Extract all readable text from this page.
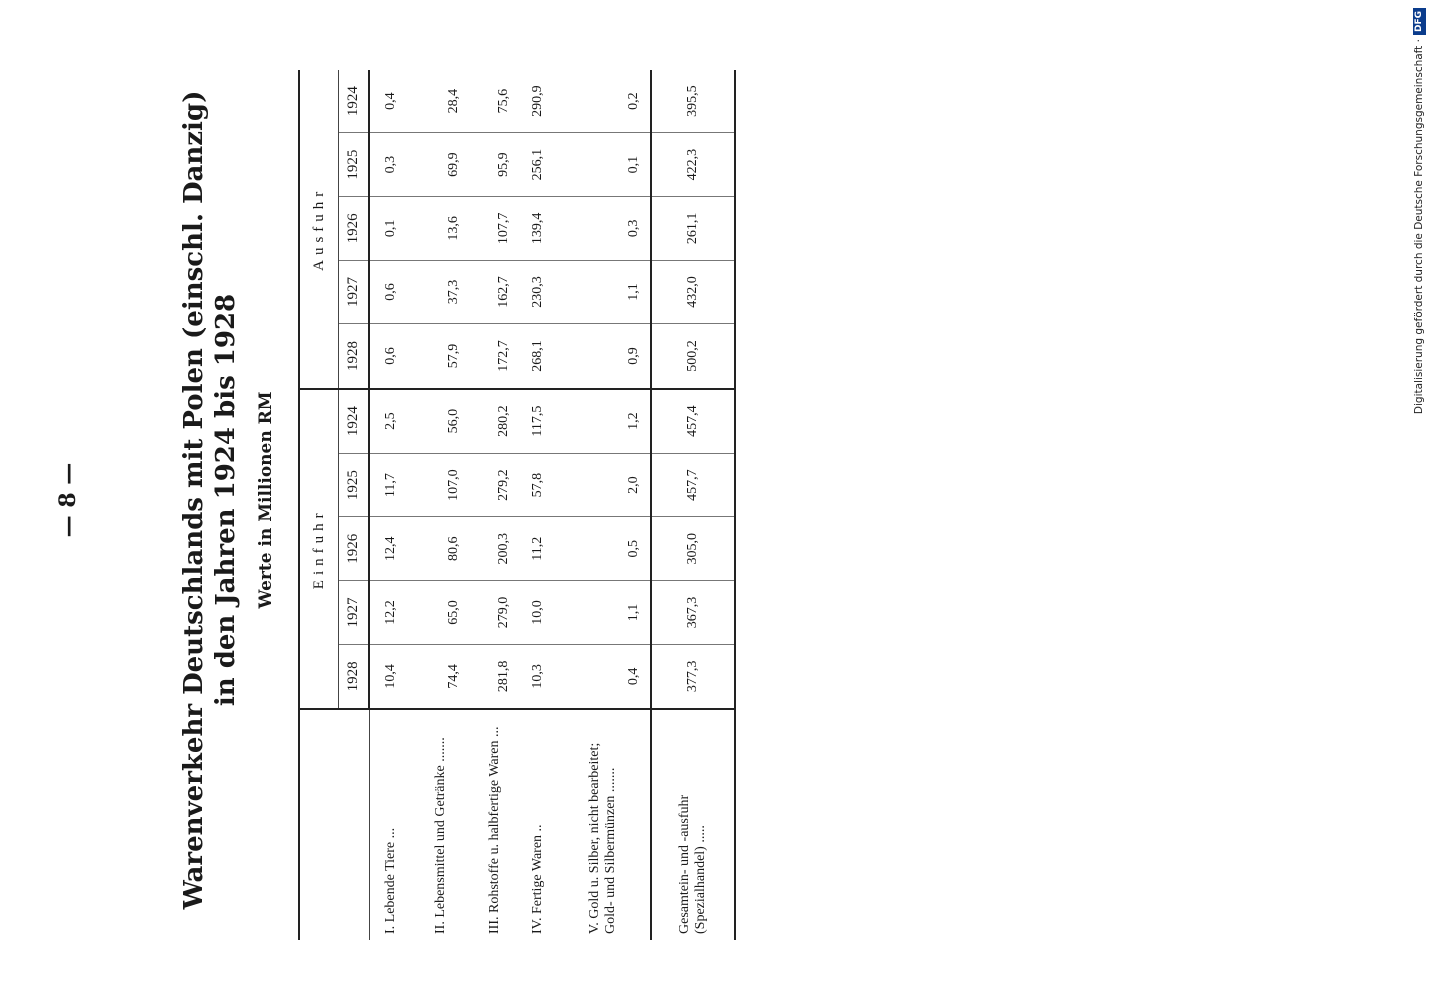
— 8 —	Warenverkehr Deutschlands mit Polen (einschl. Danzig) in den Jahren 1924 bis 1928 Werte in Millionen RM
	Einfuhr					Ausfuhr				
	1928	1927	1926	1925	1924	1928	1927	1926	1925	1924
I. Lebende Tiere ...	10,4	12,2	12,4	11,7	2,5	0,6	0,6	0,1	0,3	0,4
II. Lebensmittel und Getränke .......	74,4	65,0	80,6	107,0	56,0	57,9	37,3	13,6	69,9	28,4
III. Rohstoffe u. halbfertige Waren ...	281,8	279,0	200,3	279,2	280,2	172,7	162,7	107,7	95,9	75,6
IV. Fertige Waren ..	10,3	10,0	11,2	57,8	117,5	268,1	230,3	139,4	256,1	290,9
V. Gold u. Silber, nicht bearbeitet; Gold- und Silbermünzen .......	0,4	1,1	0,5	2,0	1,2	0,9	1,1	0,3	0,1	0,2
Gesamtein- und -ausfuhr (Spezialhandel) .....	377,3	367,3	305,0	457,7	457,4	500,2	432,0	261,1	422,3	395,5	Digitalisierung gefördert durch die Deutsche Forschungsgemeinschaft ·
DFG
